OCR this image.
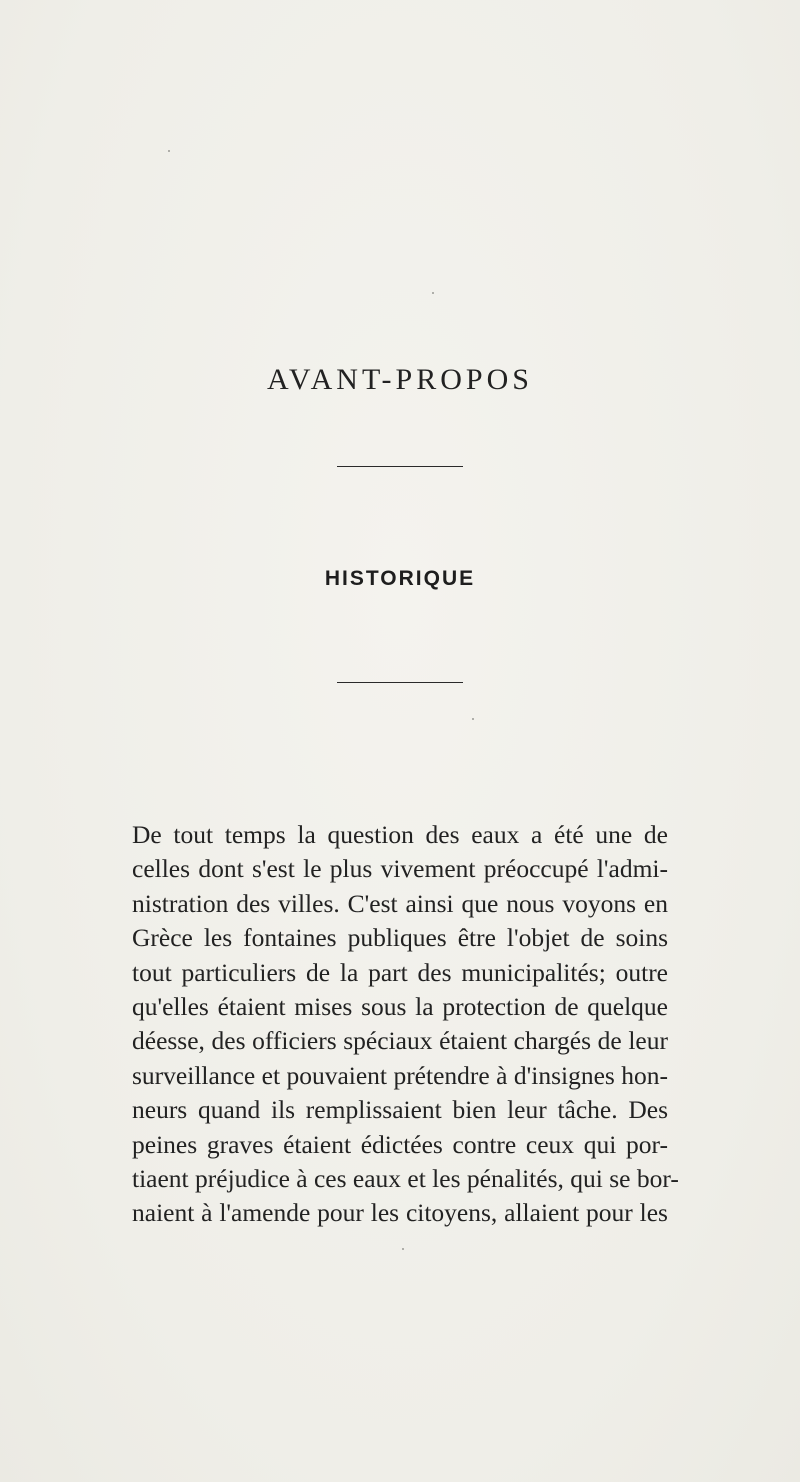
AVANT-PROPOS
HISTORIQUE
De tout temps la question des eaux a été une de
celles dont s'est le plus vivement préoccupé l'admi-
nistration des villes. C'est ainsi que nous voyons en
Grèce les fontaines publiques être l'objet de soins
tout particuliers de la part des municipalités; outre
qu'elles étaient mises sous la protection de quelque
déesse, des officiers spéciaux étaient chargés de leur
surveillance et pouvaient prétendre à d'insignes hon-
neurs quand ils remplissaient bien leur tâche. Des
peines graves étaient édictées contre ceux qui por-
tiaent préjudice à ces eaux et les pénalités, qui se bor-
naient à l'amende pour les citoyens, allaient pour les
